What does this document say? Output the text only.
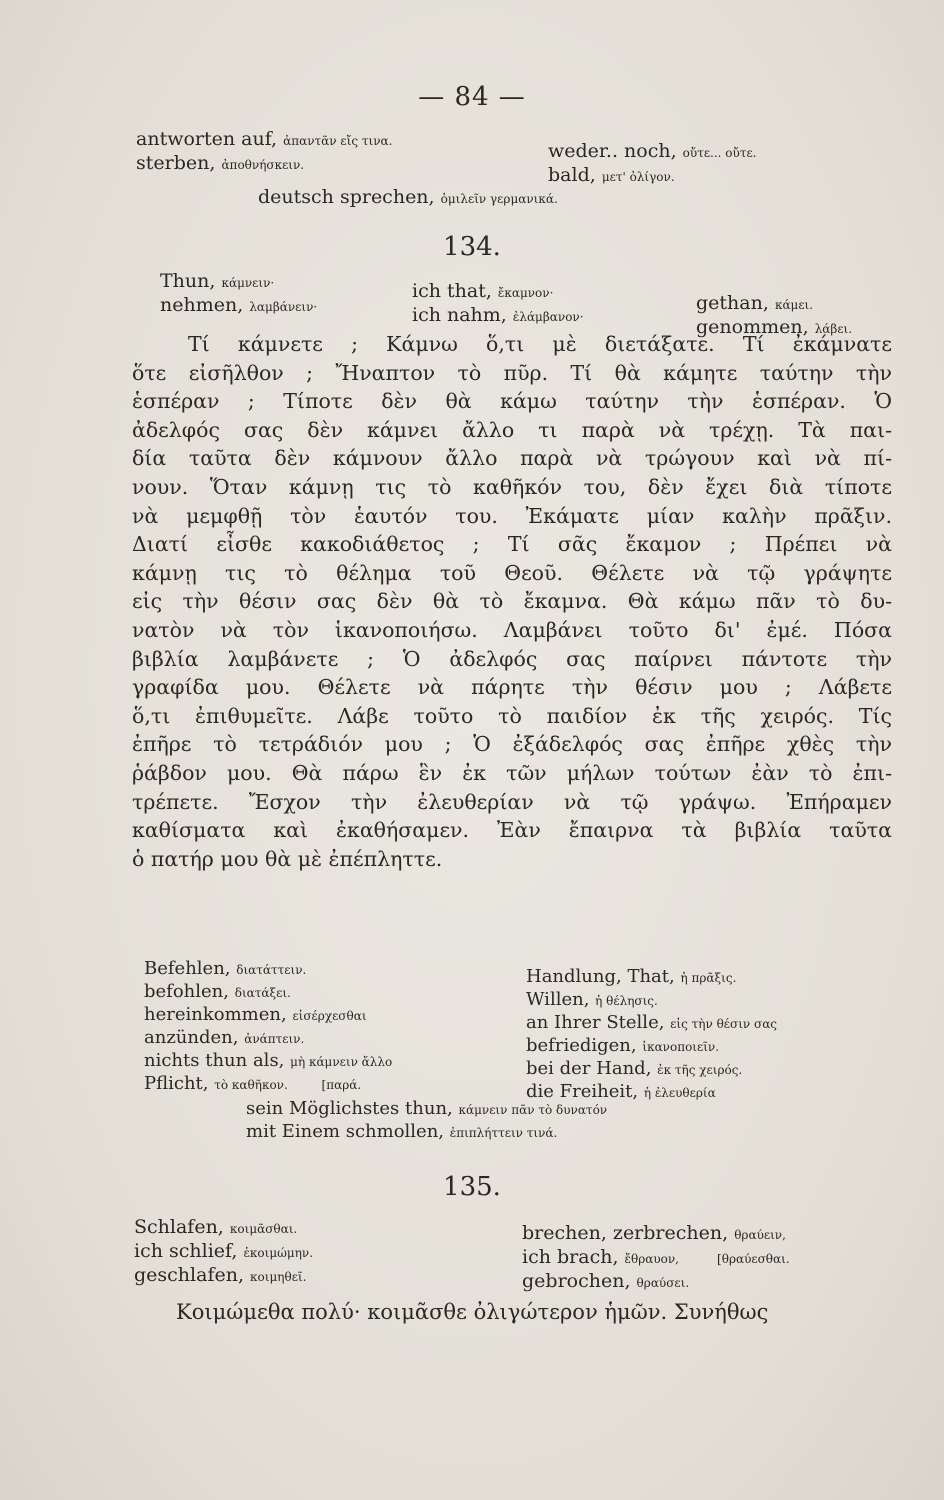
— 84 —
antworten auf, ἀπαντᾶν εἴς τινα.
sterben, ἀποθνήσκειν.
weder.. noch, οὔτε... οὔτε.
bald, μετ' ὀλίγον.
deutsch sprechen, ὁμιλεῖν γερμανικά.
134.
Thun, κάμνειν·
nehmen, λαμβάνειν·
ich that, ἔκαμνον·
ich nahm, ἐλάμβανον·
gethan, κάμει.
genommen, λάβει.
Τί κάμνετε ; Κάμνω ὅ,τι μὲ διετάξατε. Τί ἐκάμνατε
ὅτε εἰσῆλθον ; Ἤναπτον τὸ πῦρ. Τί θὰ κάμητε ταύτην τὴν
ἑσπέραν ; Τίποτε δὲν θὰ κάμω ταύτην τὴν ἑσπέραν. Ὁ
ἀδελφός σας δὲν κάμνει ἄλλο τι παρὰ νὰ τρέχῃ. Τὰ παι-
δία ταῦτα δὲν κάμνουν ἄλλο παρὰ νὰ τρώγουν καὶ νὰ πί-
νουν. Ὅταν κάμνῃ τις τὸ καθῆκόν του, δὲν ἔχει διὰ τίποτε
νὰ μεμφθῇ τὸν ἑαυτόν του. Ἐκάματε μίαν καλὴν πρᾶξιν.
Διατί εἶσθε κακοδιάθετος ; Τί σᾶς ἔκαμον ; Πρέπει νὰ
κάμνῃ τις τὸ θέλημα τοῦ Θεοῦ. Θέλετε νὰ τῷ γράψητε
εἰς τὴν θέσιν σας δὲν θὰ τὸ ἔκαμνα. Θὰ κάμω πᾶν τὸ δυ-
νατὸν νὰ τὸν ἱκανοποιήσω. Λαμβάνει τοῦτο δι' ἐμέ. Πόσα
βιβλία λαμβάνετε ; Ὁ ἀδελφός σας παίρνει πάντοτε τὴν
γραφίδα μου. Θέλετε νὰ πάρητε τὴν θέσιν μου ; Λάβετε
ὅ,τι ἐπιθυμεῖτε. Λάβε τοῦτο τὸ παιδίον ἐκ τῆς χειρός. Τίς
ἐπῆρε τὸ τετράδιόν μου ; Ὁ ἐξάδελφός σας ἐπῆρε χθὲς τὴν
ῥάβδον μου. Θὰ πάρω ἓν ἐκ τῶν μήλων τούτων ἐὰν τὸ ἐπι-
τρέπετε. Ἔσχον τὴν ἐλευθερίαν νὰ τῷ γράψω. Ἐπήραμεν
καθίσματα καὶ ἐκαθήσαμεν. Ἐὰν ἔπαιρνα τὰ βιβλία ταῦτα
ὁ πατήρ μου θὰ μὲ ἐπέπληττε.
Befehlen, διατάττειν.
befohlen, διατάξει.
hereinkommen, εἰσέρχεσθαι
anzünden, ἀνάπτειν.
nichts thun als, μὴ κάμνειν ἄλλο
Pflicht, τὸ καθῆκον.	[παρά.
Handlung, That, ἡ πρᾶξις.
Willen, ἡ θέλησις.
an Ihrer Stelle, εἰς τὴν θέσιν σας
befriedigen, ἱκανοποιεῖν.
bei der Hand, ἐκ τῆς χειρός.
die Freiheit, ἡ ἐλευθερία
sein Möglichstes thun, κάμνειν πᾶν τὸ δυνατόν
mit Einem schmollen, ἐπιπλήττειν τινά.
135.
Schlafen, κοιμᾶσθαι.
ich schlief, ἐκοιμώμην.
geschlafen, κοιμηθεῖ.
brechen, zerbrechen, θραύειν,
ich brach, ἔθραυον,	[θραύεσθαι.
gebrochen, θραύσει.
Κοιμώμεθα πολύ· κοιμᾶσθε ὀλιγώτερον ἡμῶν. Συνήθως
